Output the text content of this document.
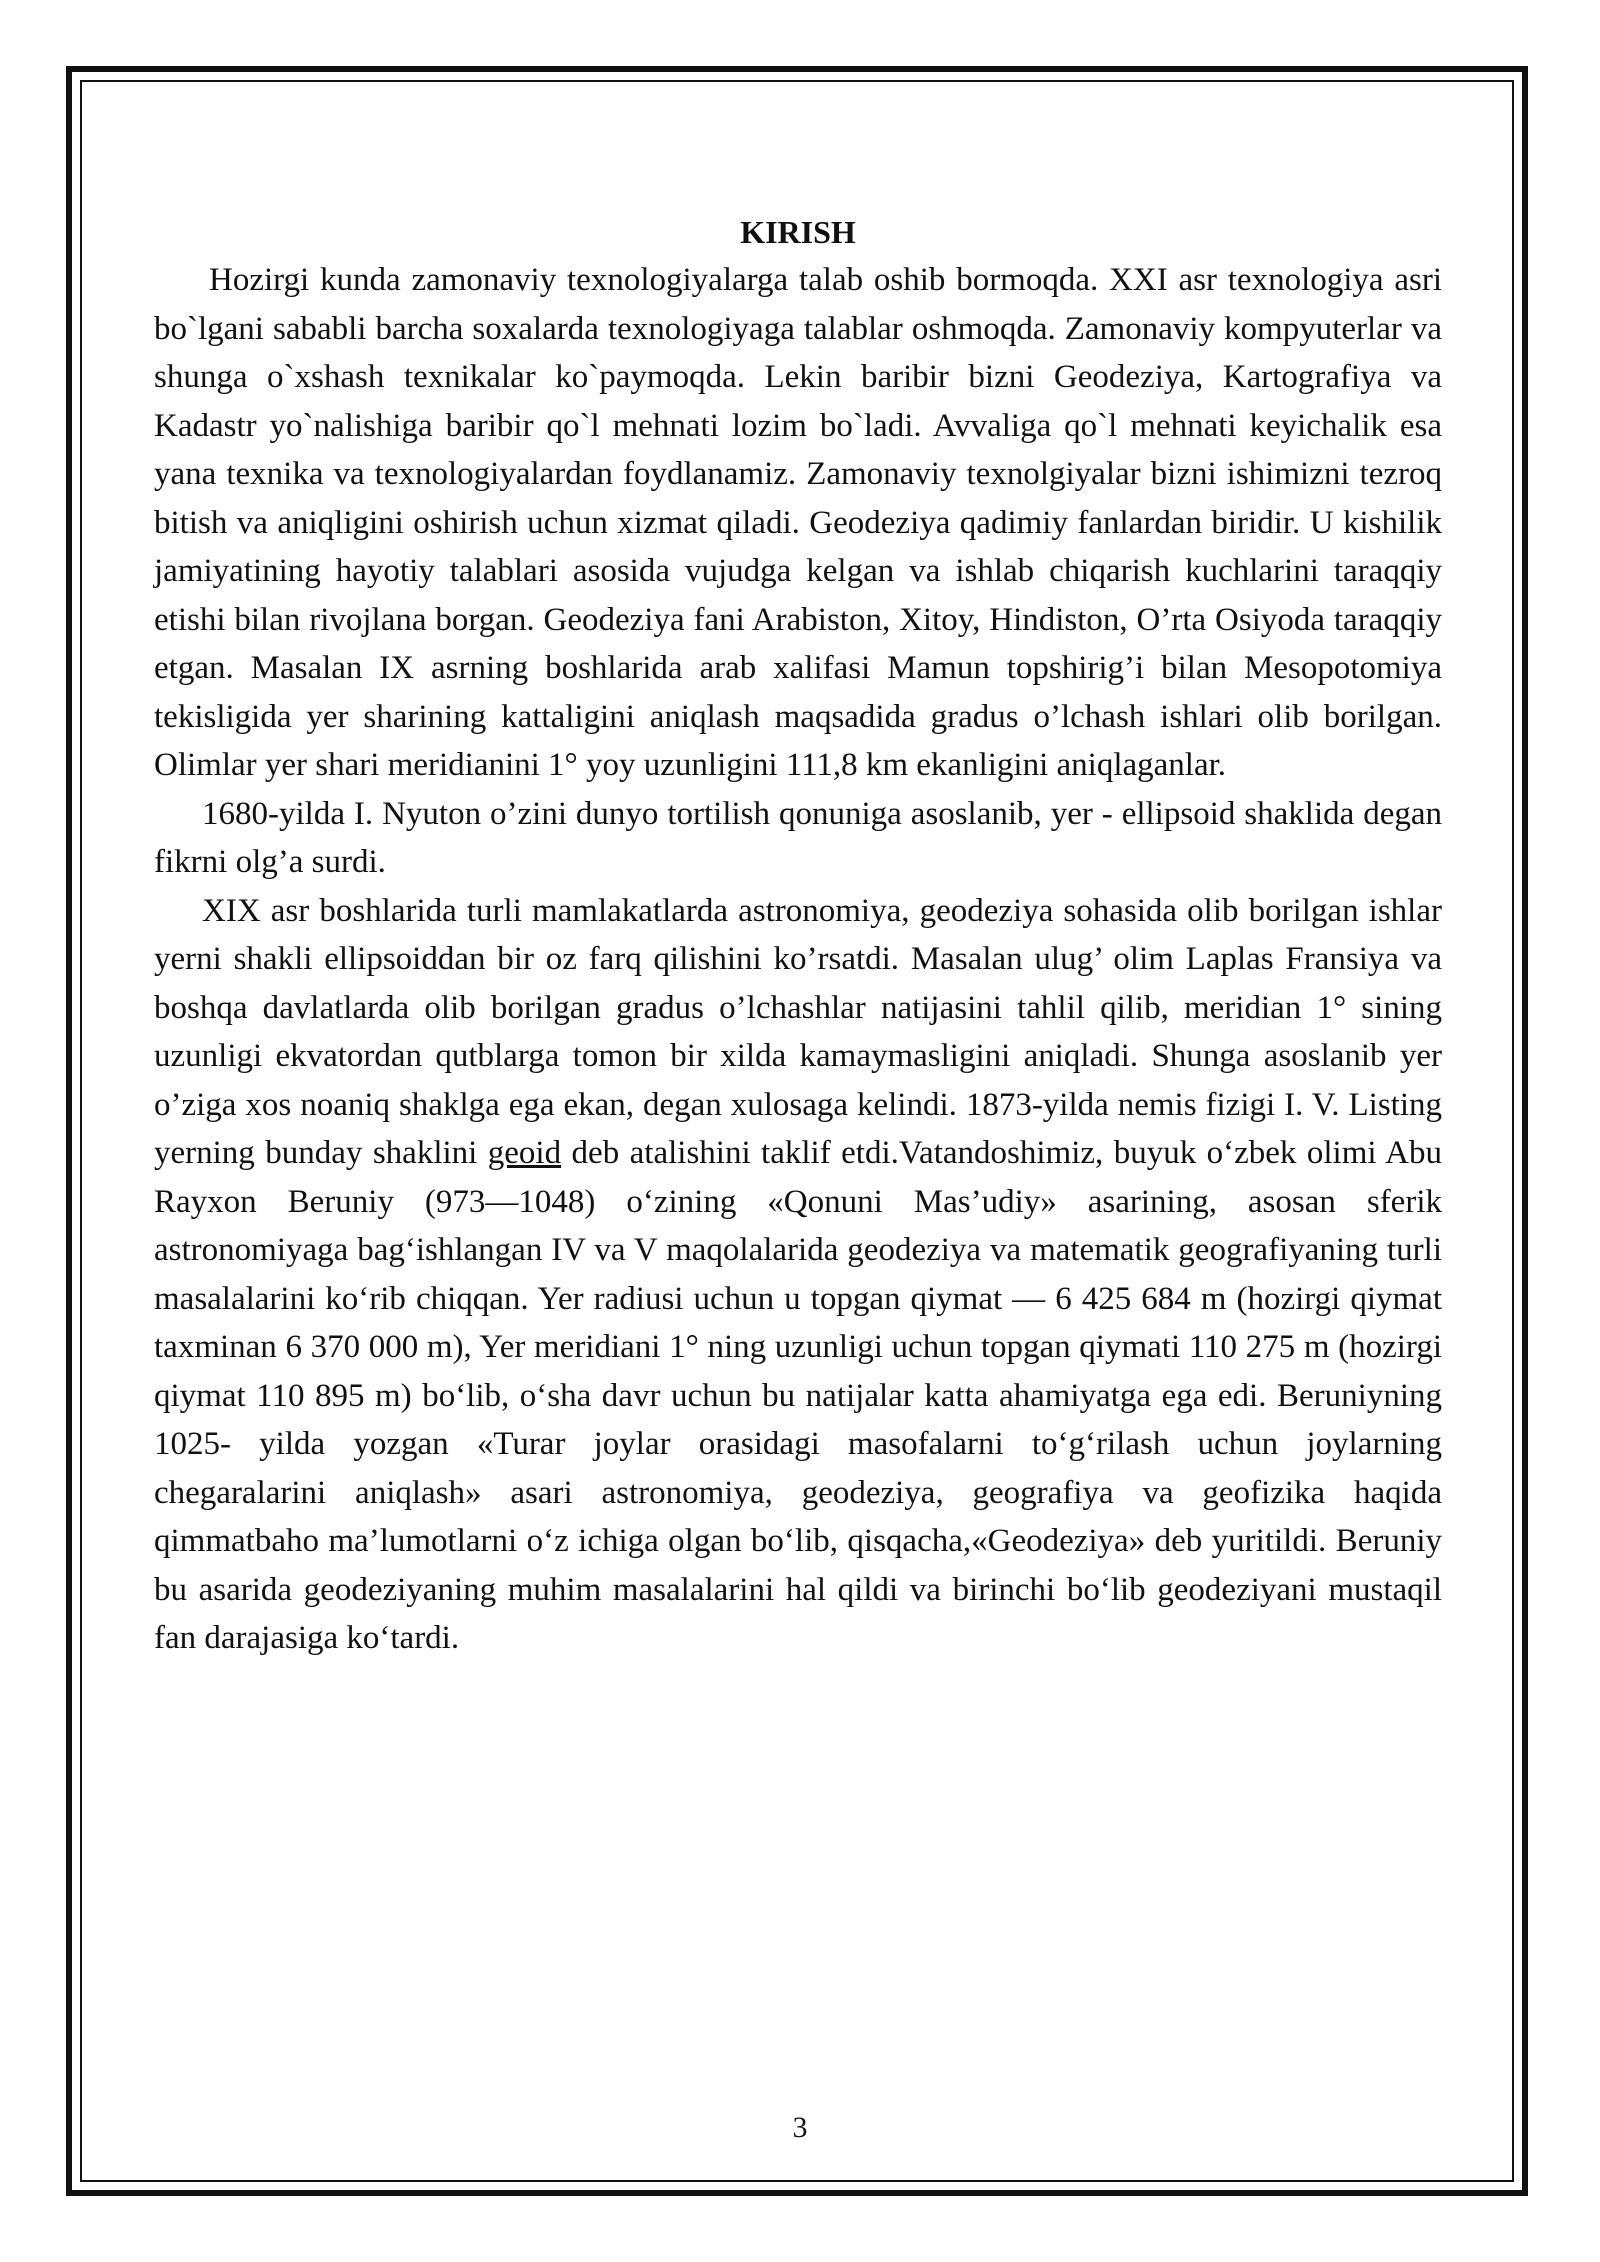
KIRISH

Hozirgi kunda zamonaviy texnologiyalarga talab oshib bormoqda. XXI asr texnologiya asri bo`lgani sababli barcha soxalarda texnologiyaga talablar oshmoqda. Zamonaviy kompyuterlar va shunga o`xshash texnikalar ko`paymoqda. Lekin baribir bizni Geodeziya, Kartografiya va Kadastr yo`nalishiga baribir qo`l mehnati lozim bo`ladi. Avvaliga qo`l mehnati keyichalik esa yana texnika va texnologiyalardan foydlanamiz. Zamonaviy texnolgiyalar bizni ishimizni tezroq bitish va aniqligini oshirish uchun xizmat qiladi. Geodeziya qadimiy fanlardan biridir. U kishilik jamiyatining hayotiy talablari asosida vujudga kelgan va ishlab chiqarish kuchlarini taraqqiy etishi bilan rivojlana borgan. Geodeziya fani Arabiston, Xitoy, Hindiston, O’rta Osiyoda taraqqiy etgan. Masalan IX asrning boshlarida arab xalifasi Mamun topshirig’i bilan Mesopotomiya tekisligida yer sharining kattaligini aniqlash maqsadida gradus o’lchash ishlari olib borilgan. Olimlar yer shari meridianini 1° yoy uzunligini 111,8 km ekanligini aniqlaganlar.

1680-yilda I. Nyuton o’zini dunyo tortilish qonuniga asoslanib, yer - ellipsoid shaklida degan fikrni olg’a surdi.

XIX asr boshlarida turli mamlakatlarda astronomiya, geodeziya sohasida olib borilgan ishlar yerni shakli ellipsoiddan bir oz farq qilishini ko’rsatdi. Masalan ulug’ olim Laplas Fransiya va boshqa davlatlarda olib borilgan gradus o’lchashlar natijasini tahlil qilib, meridian 1° sining uzunligi ekvatordan qutblarga tomon bir xilda kamaymasligini aniqladi. Shunga asoslanib yer o’ziga xos noaniq shaklga ega ekan, degan xulosaga kelindi. 1873-yilda nemis fizigi I. V. Listing yerning bunday shaklini geoid deb atalishini taklif etdi.Vatandoshimiz, buyuk o‘zbek olimi Abu Rayxon Beruniy (973—1048) o‘zining «Qonuni Mas’udiy» asarining, asosan sferik astronomiyaga bag‘ishlangan IV va V maqolalarida geodeziya va matematik geografiyaning turli masalalarini ko‘rib chiqqan. Yer radiusi uchun u topgan qiymat — 6 425 684 m (hozirgi qiymat taxminan 6 370 000 m), Yer meridiani 1° ning uzunligi uchun topgan qiymati 110 275 m (hozirgi qiymat 110 895 m) bo‘lib, o‘sha davr uchun bu natijalar katta ahamiyatga ega edi. Beruniyning 1025- yilda yozgan «Turar joylar orasidagi masofalarni to‘g‘rilash uchun joylarning chegaralarini aniqlash» asari astronomiya, geodeziya, geografiya va geofizika haqida qimmatbaho ma’lumotlarni o‘z ichiga olgan bo‘lib, qisqacha,«Geodeziya» deb yuritildi. Beruniy bu asarida geodeziyaning muhim masalalarini hal qildi va birinchi bo‘lib geodeziyani mustaqil fan darajasiga ko‘tardi.

3
